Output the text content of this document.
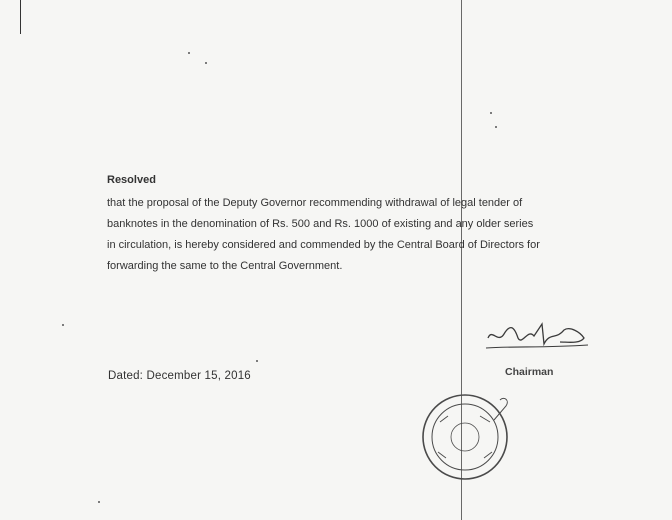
Resolved
that the proposal of the Deputy Governor recommending withdrawal of legal tender of
banknotes in the denomination of Rs. 500 and Rs. 1000 of existing and any older series
in circulation, is hereby considered and commended by the Central Board of Directors for
forwarding the same to the Central Government.
Dated: December 15, 2016	Chairman
